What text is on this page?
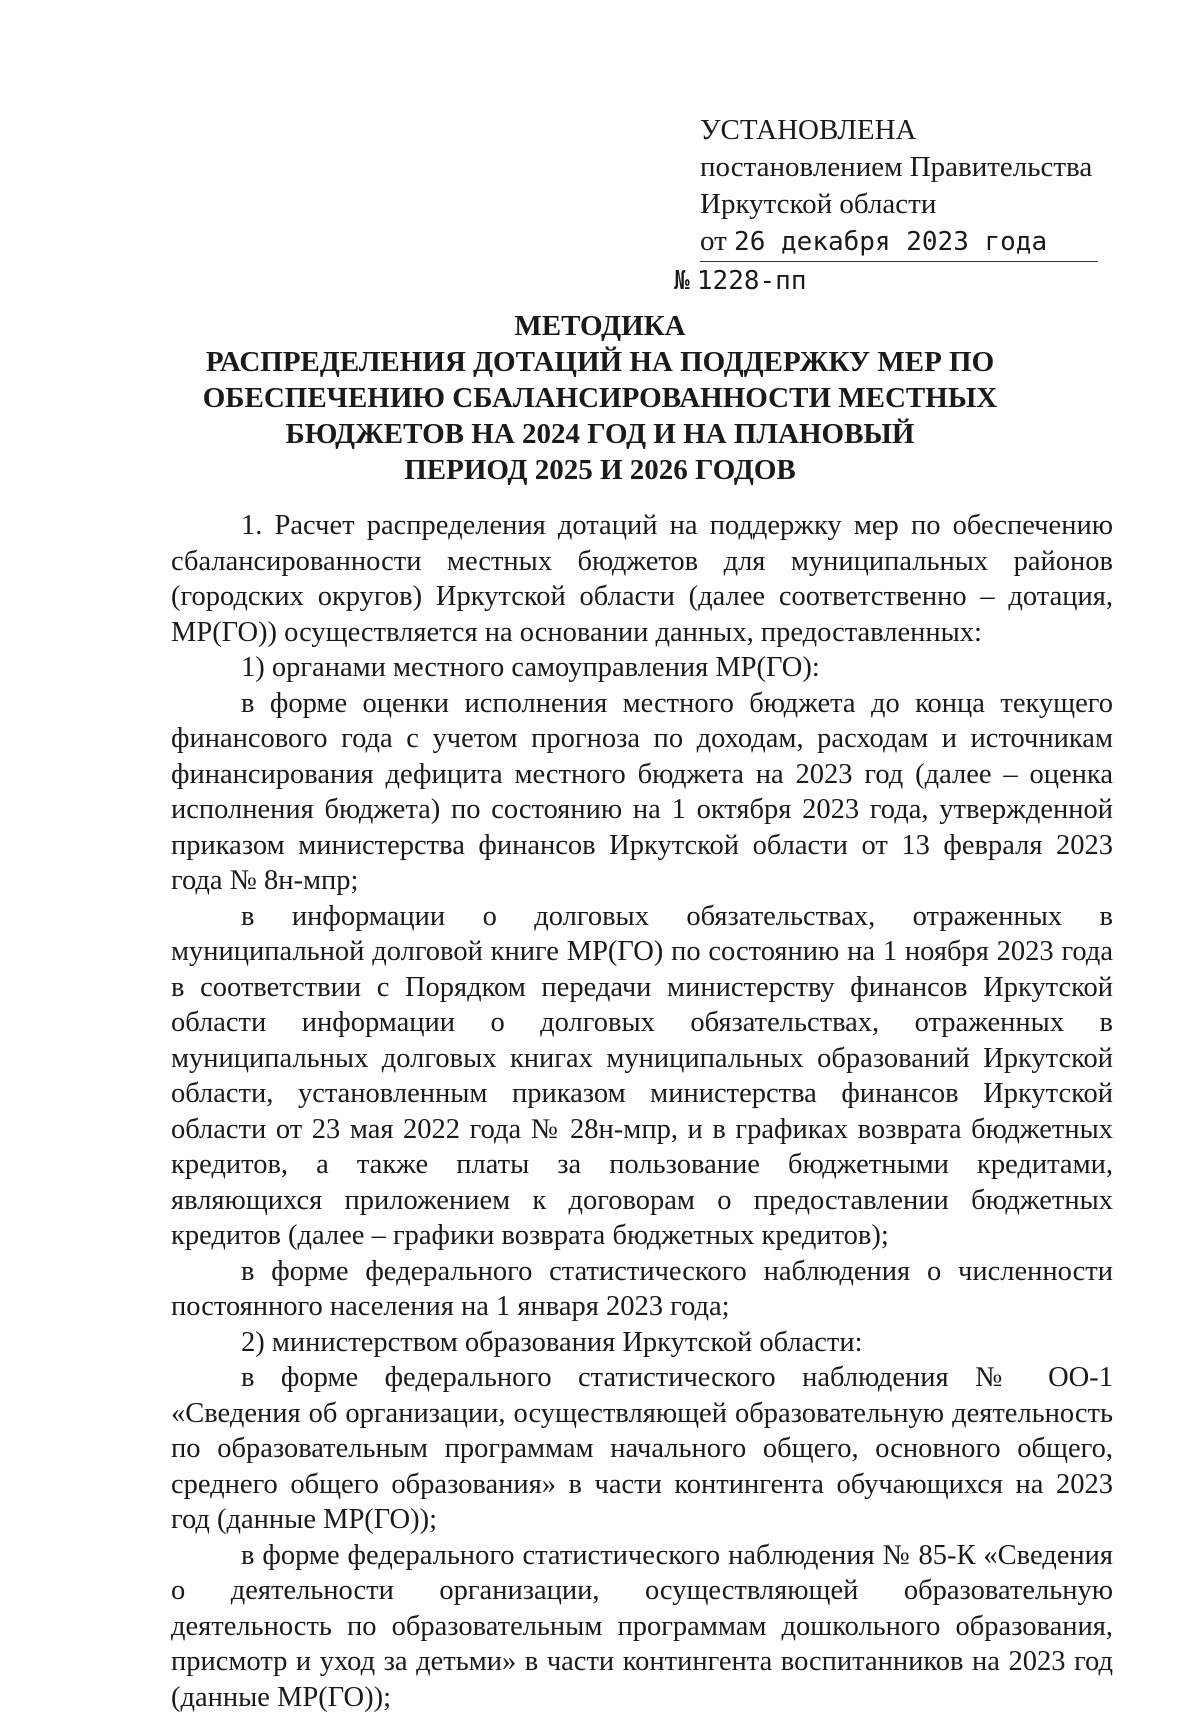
УСТАНОВЛЕНА
постановлением Правительства
Иркутской области
от 26 декабря 2023 года
№ 1228-пп
МЕТОДИКА
РАСПРЕДЕЛЕНИЯ ДОТАЦИЙ НА ПОДДЕРЖКУ МЕР ПО
ОБЕСПЕЧЕНИЮ СБАЛАНСИРОВАННОСТИ МЕСТНЫХ
БЮДЖЕТОВ НА 2024 ГОД И НА ПЛАНОВЫЙ
ПЕРИОД 2025 И 2026 ГОДОВ

1. Расчет распределения дотаций на поддержку мер по обеспечению сбалансированности местных бюджетов для муниципальных районов (городских округов) Иркутской области (далее соответственно – дотация, МР(ГО)) осуществляется на основании данных, предоставленных:

1) органами местного самоуправления МР(ГО):

в форме оценки исполнения местного бюджета до конца текущего финансового года с учетом прогноза по доходам, расходам и источникам финансирования дефицита местного бюджета на 2023 год (далее – оценка исполнения бюджета) по состоянию на 1 октября 2023 года, утвержденной приказом министерства финансов Иркутской области от 13 февраля 2023 года № 8н-мпр;

в информации о долговых обязательствах, отраженных в муниципальной долговой книге МР(ГО) по состоянию на 1 ноября 2023 года в соответствии с Порядком передачи министерству финансов Иркутской области информации о долговых обязательствах, отраженных в муниципальных долговых книгах муниципальных образований Иркутской области, установленным приказом министерства финансов Иркутской области от 23 мая 2022 года № 28н-мпр, и в графиках возврата бюджетных кредитов, а также платы за пользование бюджетными кредитами, являющихся приложением к договорам о предоставлении бюджетных кредитов (далее – графики возврата бюджетных кредитов);

в форме федерального статистического наблюдения о численности постоянного населения на 1 января 2023 года;

2) министерством образования Иркутской области:

в форме федерального статистического наблюдения № ОО-1 «Сведения об организации, осуществляющей образовательную деятельность по образовательным программам начального общего, основного общего, среднего общего образования» в части контингента обучающихся на 2023 год (данные МР(ГО));

в форме федерального статистического наблюдения № 85-К «Сведения о деятельности организации, осуществляющей образовательную деятельность по образовательным программам дошкольного образования, присмотр и уход за детьми» в части контингента воспитанников на 2023 год (данные МР(ГО));
